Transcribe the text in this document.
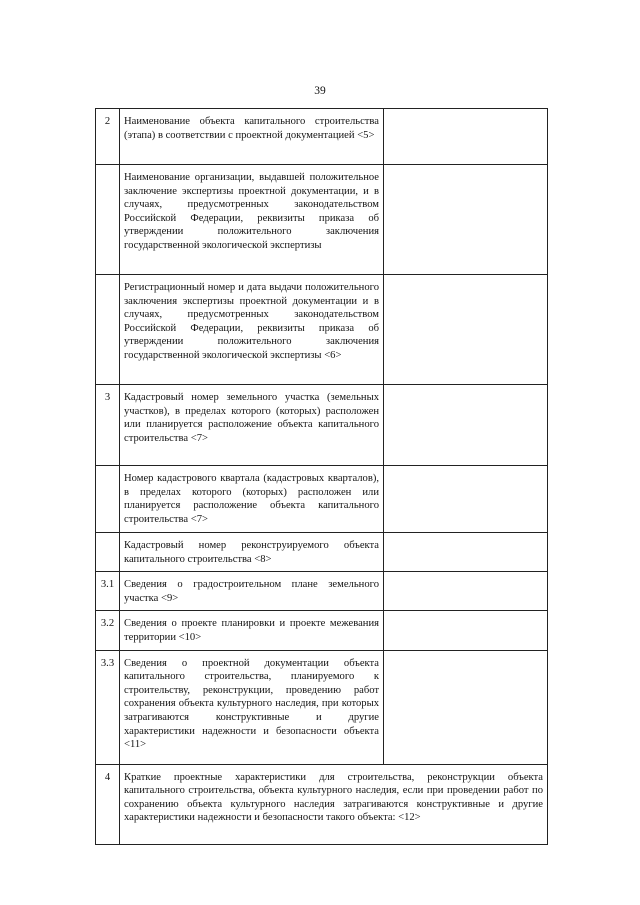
39
2	Наименование объекта капитального строительства (этапа) в соответствии с проектной документацией <5>	
	Наименование организации, выдавшей положительное заключение экспертизы проектной документации, и в случаях, предусмотренных законодательством Российской Федерации, реквизиты приказа об утверждении положительного заключения государственной экологической экспертизы	
	Регистрационный номер и дата выдачи положительного заключения экспертизы проектной документации и в случаях, предусмотренных законодательством Российской Федерации, реквизиты приказа об утверждении положительного заключения государственной экологической экспертизы <6>	
3	Кадастровый номер земельного участка (земельных участков), в пределах которого (которых) расположен или планируется расположение объекта капитального строительства <7>	
	Номер кадастрового квартала (кадастровых кварталов), в пределах которого (которых) расположен или планируется расположение объекта капитального строительства <7>	
	Кадастровый номер реконструируемого объекта капитального строительства <8>	
3.1	Сведения о градостроительном плане земельного участка <9>	
3.2	Сведения о проекте планировки и проекте межевания территории <10>	
3.3	Сведения о проектной документации объекта капитального строительства, планируемого к строительству, реконструкции, проведению работ сохранения объекта культурного наследия, при которых затрагиваются конструктивные и другие характеристики надежности и безопасности объекта <11>	
4	Краткие проектные характеристики для строительства, реконструкции объекта капитального строительства, объекта культурного наследия, если при проведении работ по сохранению объекта культурного наследия затрагиваются конструктивные и другие характеристики надежности и безопасности такого объекта: <12>	
